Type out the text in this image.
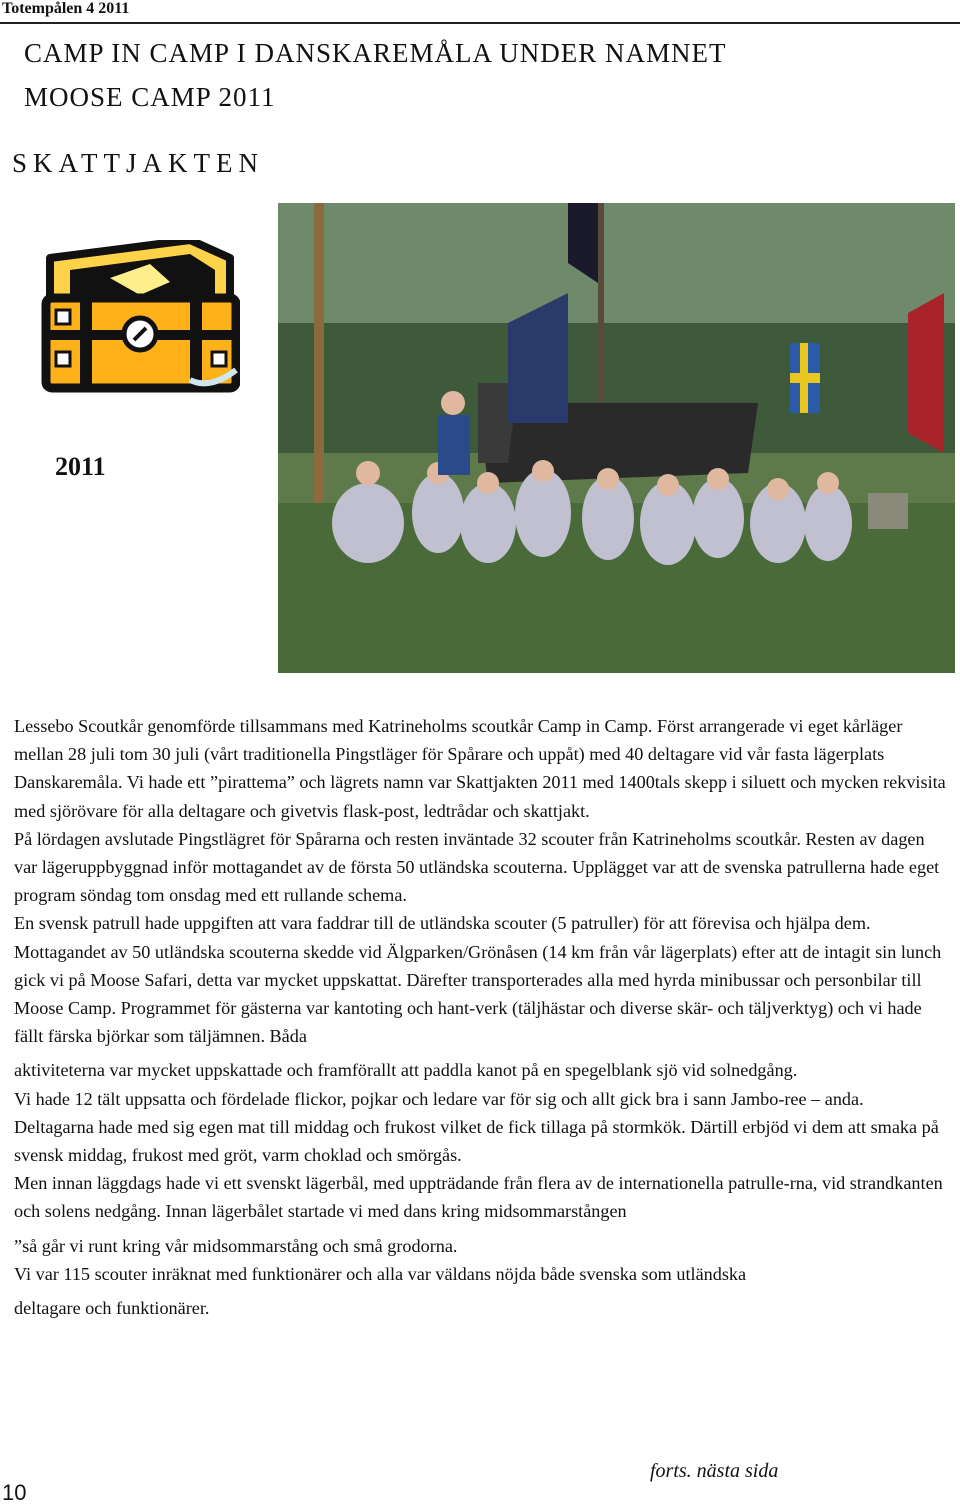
Totempålen 4 2011
CAMP IN CAMP I DANSKAREMÅLA UNDER NAMNET
MOOSE CAMP 2011
SKATTJAKTEN
2011

Lessebo Scoutkår genomförde tillsammans med Katrineholms scoutkår Camp in Camp. Först arrangerade vi eget kårläger mellan 28 juli tom 30 juli (vårt traditionella Pingstläger för Spårare och uppåt) med 40 deltagare vid vår fasta lägerplats Danskaremåla. Vi hade ett ”pirattema” och lägrets namn var Skattjakten 2011 med 1400tals skepp i siluett och mycken rekvisita med sjörövare för alla deltagare och givetvis flask-post, ledtrådar och skattjakt.

På lördagen avslutade Pingstlägret för Spårarna och resten inväntade 32 scouter från Katrineholms scoutkår. Resten av dagen var lägeruppbyggnad inför mottagandet av de första 50 utländska scouterna. Upplägget var att de svenska patrullerna hade eget program söndag tom onsdag med ett rullande schema.

En svensk patrull hade uppgiften att vara faddrar till de utländska scouter (5 patruller) för att förevisa och hjälpa dem.

Mottagandet av 50 utländska scouterna skedde vid Älgparken/Grönåsen (14 km från vår lägerplats) efter att de intagit sin lunch gick vi på Moose Safari, detta var mycket uppskattat. Därefter transporterades alla med hyrda minibussar och personbilar till Moose Camp. Programmet för gästerna var kantoting och hant-verk (täljhästar och diverse skär- och täljverktyg) och vi hade fällt färska björkar som täljämnen. Båda

aktiviteterna var mycket uppskattade och framförallt att paddla kanot på en spegelblank sjö vid solnedgång.

Vi hade 12 tält uppsatta och fördelade flickor, pojkar och ledare var för sig och allt gick bra i sann Jambo-ree – anda.

Deltagarna hade med sig egen mat till middag och frukost vilket de fick tillaga på stormkök. Därtill erbjöd vi dem att smaka på svensk middag, frukost med gröt, varm choklad och smörgås.

Men innan läggdags hade vi ett svenskt lägerbål, med uppträdande från flera av de internationella patrulle-rna, vid strandkanten och solens nedgång. Innan lägerbålet startade vi med dans kring midsommarstången

”så går vi runt kring vår midsommarstång och små grodorna.

Vi var 115 scouter inräknat med funktionärer och alla var väldans nöjda både svenska som utländska

deltagare och funktionärer.

forts. nästa sida
10
